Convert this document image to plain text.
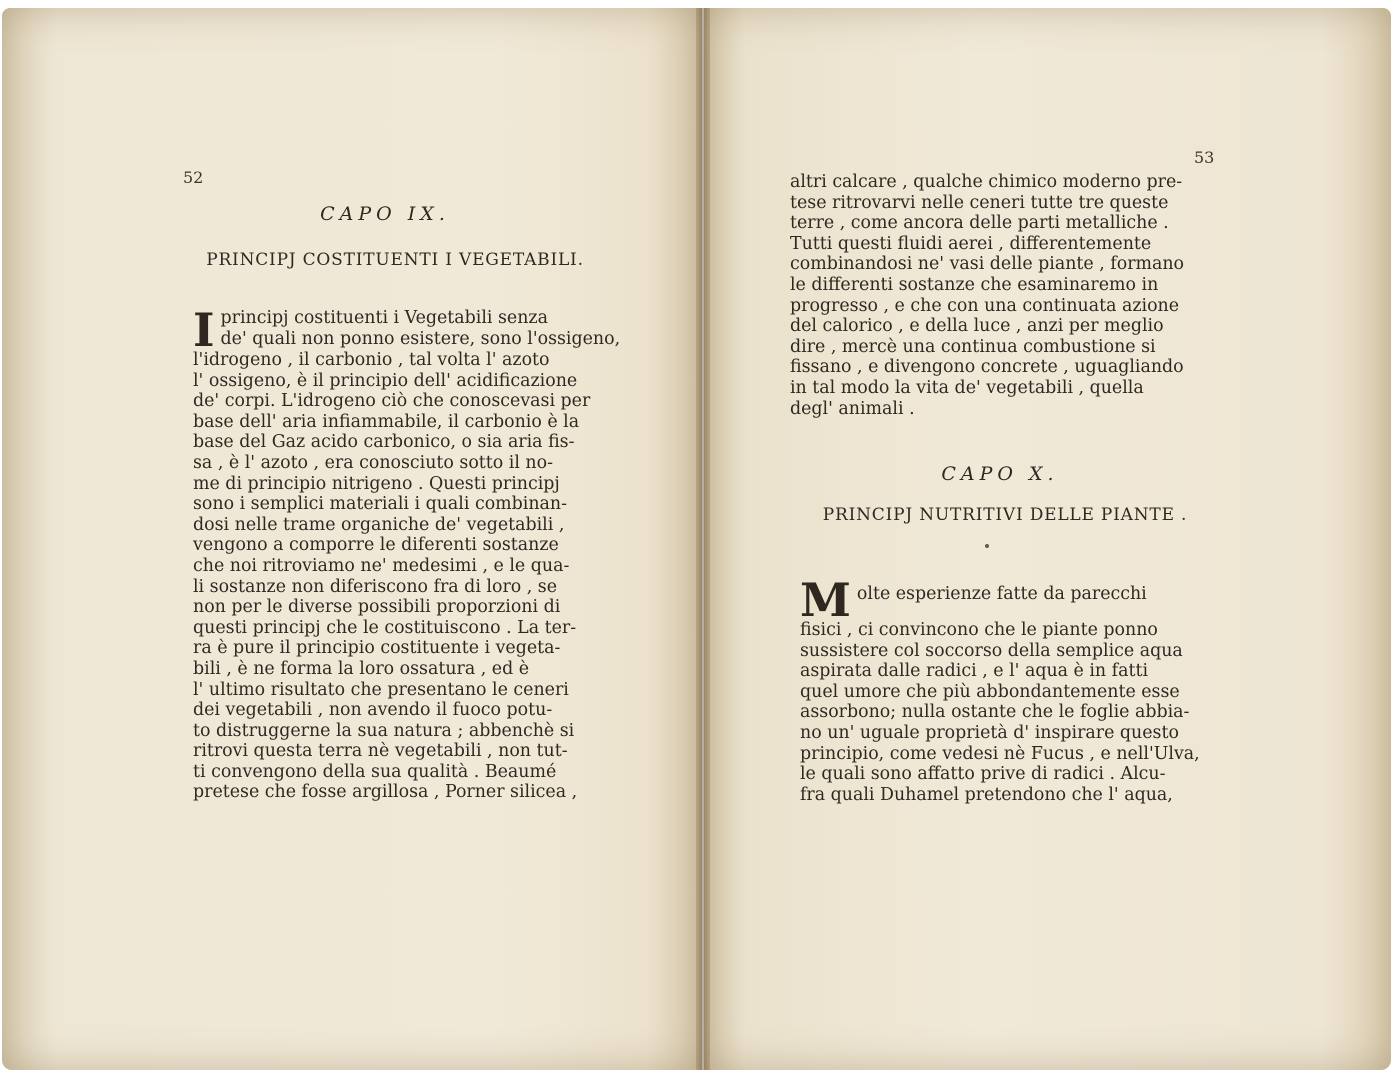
52
CAPO IX.
PRINCIPJ COSTITUENTI I VEGETABILI.
I principj costituenti i Vegetabili senza
de' quali non ponno esistere, sono l'ossigeno,
l'idrogeno , il carbonio , tal volta l' azoto
l' ossigeno, è il principio dell' acidificazione
de' corpi. L'idrogeno ciò che conoscevasi per
base dell' aria infiammabile, il carbonio è la
base del Gaz acido carbonico, o sia aria fis-
sa , è l' azoto , era conosciuto sotto il no-
me di principio nitrigeno . Questi principj
sono i semplici materiali i quali combinan-
dosi nelle trame organiche de' vegetabili ,
vengono a comporre le diferenti sostanze
che noi ritroviamo ne' medesimi , e le qua-
li sostanze non diferiscono fra di loro , se
non per le diverse possibili proporzioni di
questi principj che le costituiscono . La ter-
ra è pure il principio costituente i vegeta-
bili , è ne forma la loro ossatura , ed è
l' ultimo risultato che presentano le ceneri
dei vegetabili , non avendo il fuoco potu-
to distruggerne la sua natura ; abbenchè si
ritrovi questa terra nè vegetabili , non tut-
ti convengono della sua qualità . Beaumé
pretese che fosse argillosa , Porner silicea ,
53
altri calcare , qualche chimico moderno pre-
tese ritrovarvi nelle ceneri tutte tre queste
terre , come ancora delle parti metalliche .
Tutti questi fluidi aerei , differentemente
combinandosi ne' vasi delle piante , formano
le differenti sostanze che esaminaremo in
progresso , e che con una continuata azione
del calorico , e della luce , anzi per meglio
dire , mercè una continua combustione si
fissano , e divengono concrete , uguagliando
in tal modo la vita de' vegetabili , quella
degl' animali .
CAPO X.
PRINCIPJ NUTRITIVI DELLE PIANTE .
M olte esperienze fatte da parecchi
fisici , ci convincono che le piante ponno
sussistere col soccorso della semplice aqua
aspirata dalle radici , e l' aqua è in fatti
quel umore che più abbondantemente esse
assorbono; nulla ostante che le foglie abbia-
no un' uguale proprietà d' inspirare questo
principio, come vedesi nè Fucus , e nell'Ulva,
le quali sono affatto prive di radici . Alcu-
fra quali Duhamel pretendono che l' aqua,
